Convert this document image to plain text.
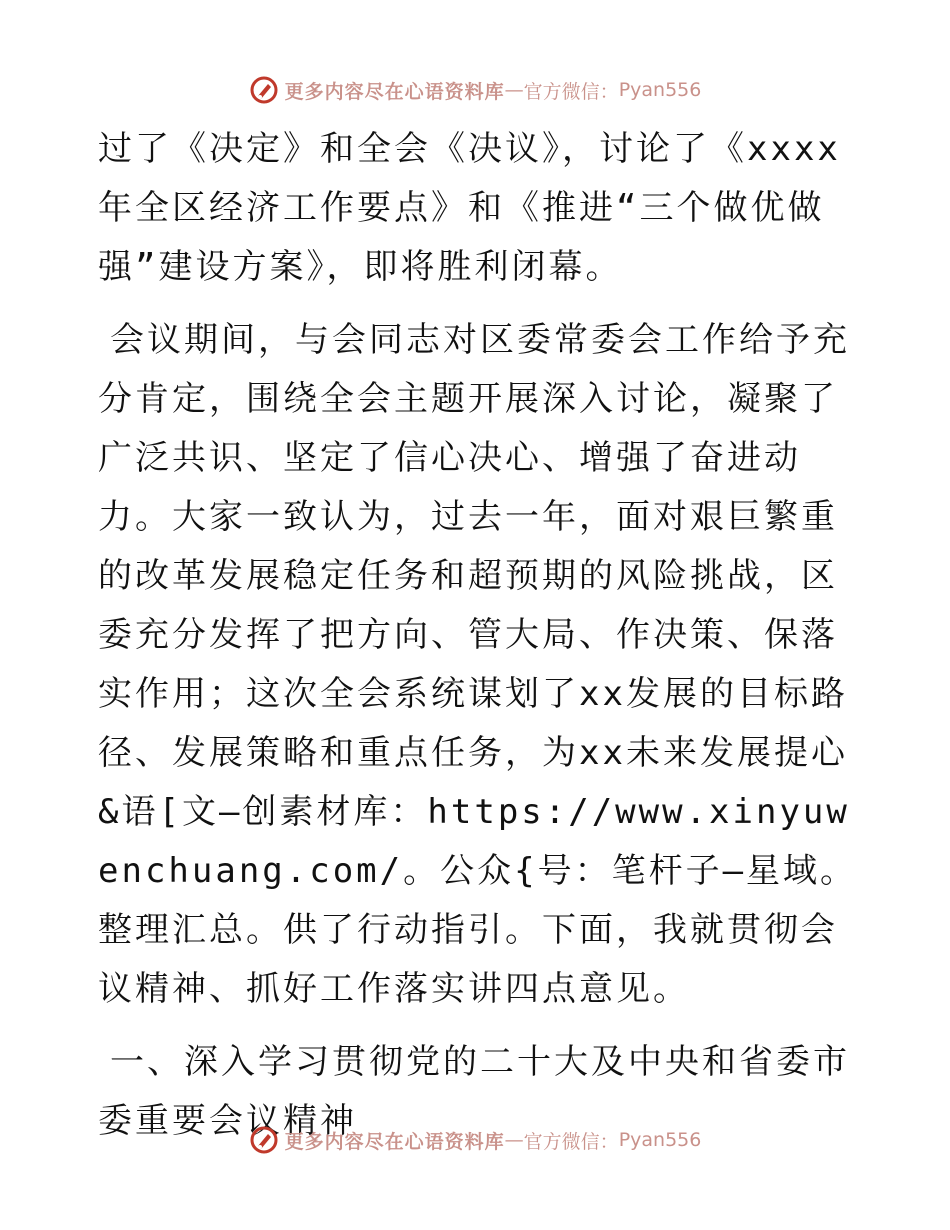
更多内容尽在心语资料库 — 官方微信： Pyan556

过了《决定》和全会《决议》，讨论了《xxxx年全区经济工作要点》和《推进“三个做优做强”建设方案》，即将胜利闭幕。

会议期间，与会同志对区委常委会工作给予充分肯定，围绕全会主题开展深入讨论，凝聚了广泛共识、坚定了信心决心、增强了奋进动力。大家一致认为，过去一年，面对艰巨繁重的改革发展稳定任务和超预期的风险挑战，区委充分发挥了把方向、管大局、作决策、保落实作用；这次全会系统谋划了xx发展的目标路径、发展策略和重点任务，为xx未来发展提心&语[文—创素材库：https://www.xinyuwenchuang.com/。公众{号：笔杆子—星域。整理汇总。供了行动指引。下面，我就贯彻会议精神、抓好工作落实讲四点意见。

一、深入学习贯彻党的二十大及中央和省委市委重要会议精神

更多内容尽在心语资料库 — 官方微信： Pyan556
